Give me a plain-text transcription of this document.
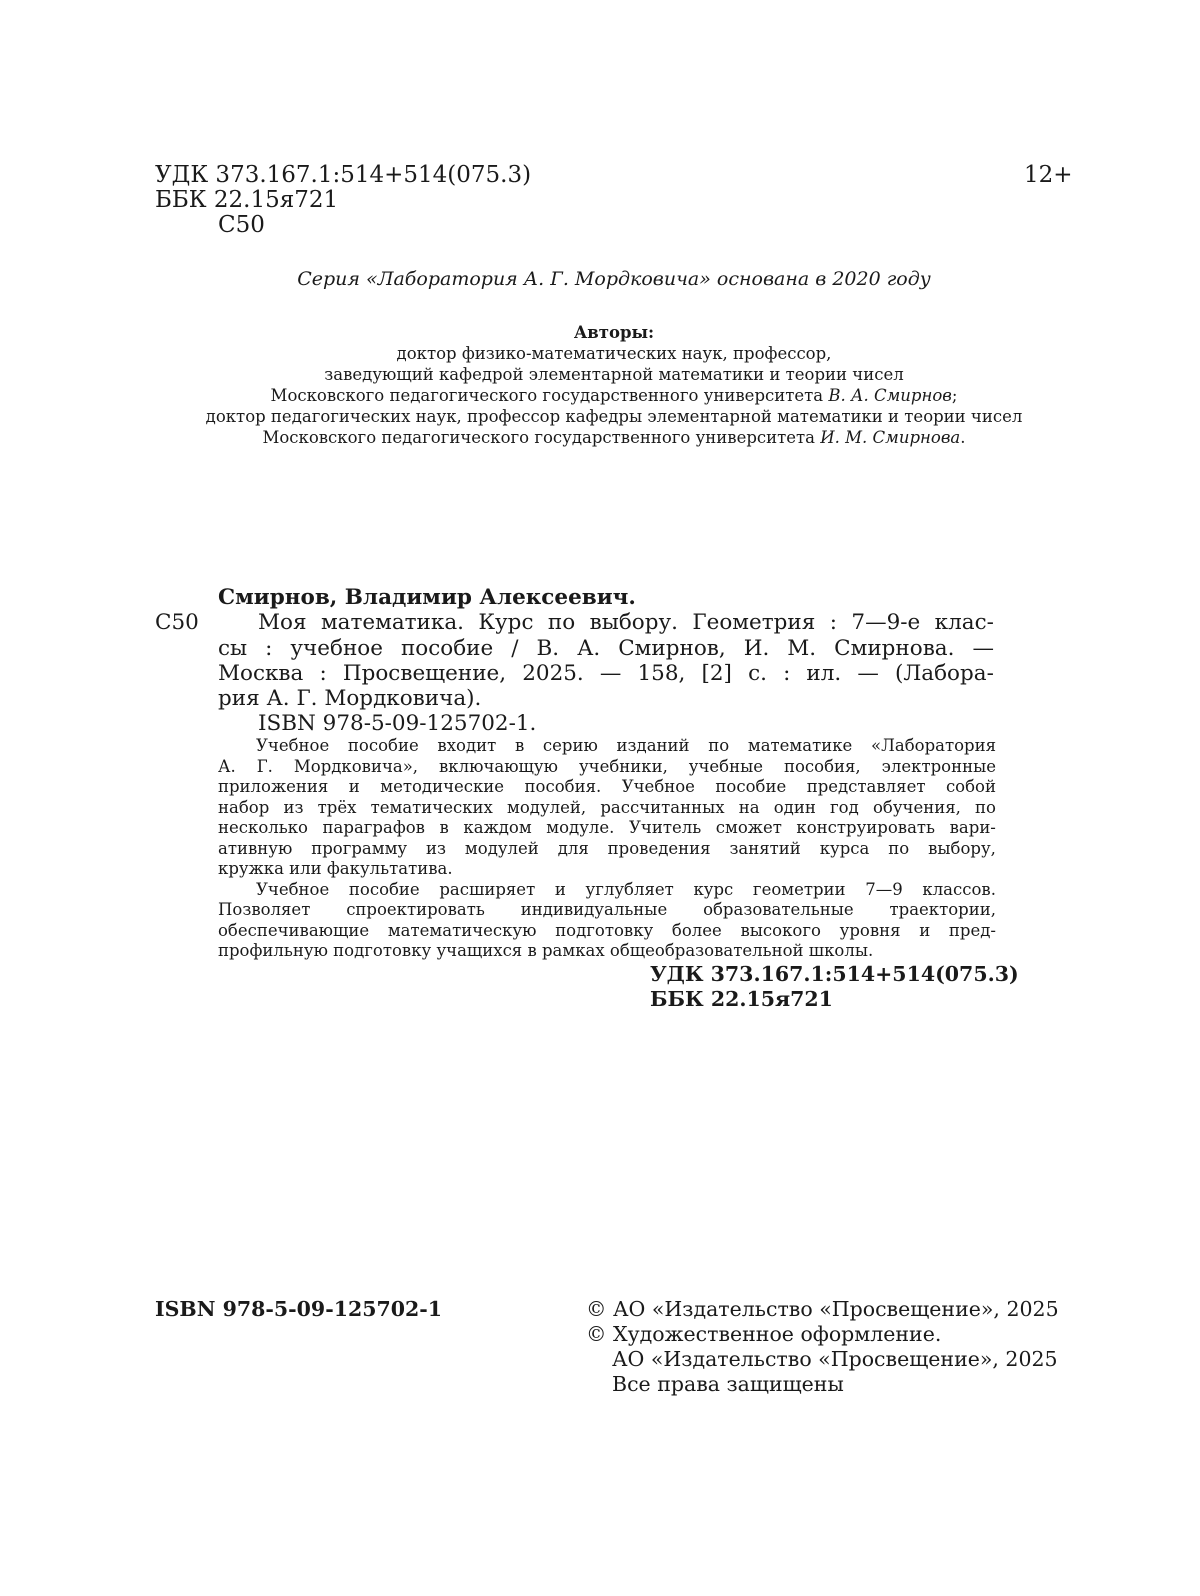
УДК 373.167.1:514+514(075.3)
ББК 22.15я721
С50
12+
Серия «Лаборатория А. Г. Мордковича» основана в 2020 году
Авторы:
доктор физико-математических наук, профессор,
заведующий кафедрой элементарной математики и теории чисел
Московского педагогического государственного университета В. А. Смирнов;
доктор педагогических наук, профессор кафедры элементарной математики и теории чисел
Московского педагогического государственного университета И. М. Смирнова.
Смирнов, Владимир Алексеевич.
С50	Моя математика. Курс по выбору. Геометрия : 7—9-е клас-
сы : учебное пособие / В. А. Смирнов, И. М. Смирнова. —
Москва : Просвещение, 2025. — 158, [2] с. : ил. — (Лабора-
рия А. Г. Мордковича).
ISBN 978-5-09-125702-1.
Учебное пособие входит в серию изданий по математике «Лаборатория
А. Г. Мордковича», включающую учебники, учебные пособия, электронные
приложения и методические пособия. Учебное пособие представляет собой
набор из трёх тематических модулей, рассчитанных на один год обучения, по
несколько параграфов в каждом модуле. Учитель сможет конструировать вари-
ативную программу из модулей для проведения занятий курса по выбору,
кружка или факультатива.
Учебное пособие расширяет и углубляет курс геометрии 7—9 классов.
Позволяет спроектировать индивидуальные образовательные траектории,
обеспечивающие математическую подготовку более высокого уровня и пред-
профильную подготовку учащихся в рамках общеобразовательной школы.
УДК 373.167.1:514+514(075.3)
ББК 22.15я721
ISBN 978-5-09-125702-1	© АО «Издательство «Просвещение», 2025
© Художественное оформление.
АО «Издательство «Просвещение», 2025
Все права защищены
